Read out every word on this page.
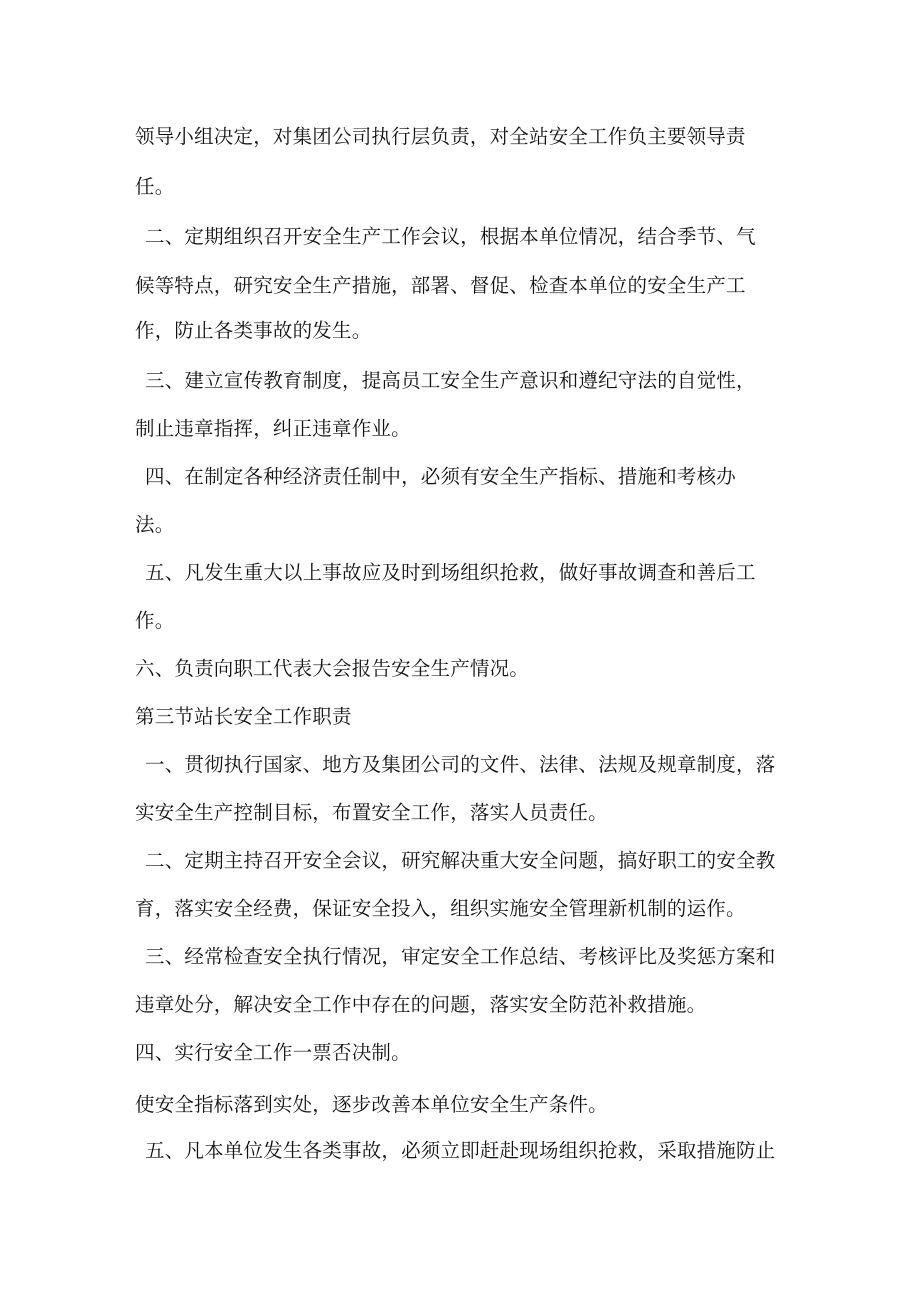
领导小组决定，对集团公司执行层负责，对全站安全工作负主要领导责
任。
二、定期组织召开安全生产工作会议，根据本单位情况，结合季节、气
候等特点，研究安全生产措施，部署、督促、检查本单位的安全生产工
作，防止各类事故的发生。
三、建立宣传教育制度，提高员工安全生产意识和遵纪守法的自觉性，
制止违章指挥，纠正违章作业。
四、在制定各种经济责任制中，必须有安全生产指标、措施和考核办
法。
五、凡发生重大以上事故应及时到场组织抢救，做好事故调查和善后工
作。
六、负责向职工代表大会报告安全生产情况。
第三节站长安全工作职责
一、贯彻执行国家、地方及集团公司的文件、法律、法规及规章制度，落
实安全生产控制目标，布置安全工作，落实人员责任。
二、定期主持召开安全会议，研究解决重大安全问题，搞好职工的安全教
育，落实安全经费，保证安全投入，组织实施安全管理新机制的运作。
三、经常检查安全执行情况，审定安全工作总结、考核评比及奖惩方案和
违章处分，解决安全工作中存在的问题，落实安全防范补救措施。
四、实行安全工作一票否决制。
使安全指标落到实处，逐步改善本单位安全生产条件。
五、凡本单位发生各类事故，必须立即赶赴现场组织抢救，采取措施防止
